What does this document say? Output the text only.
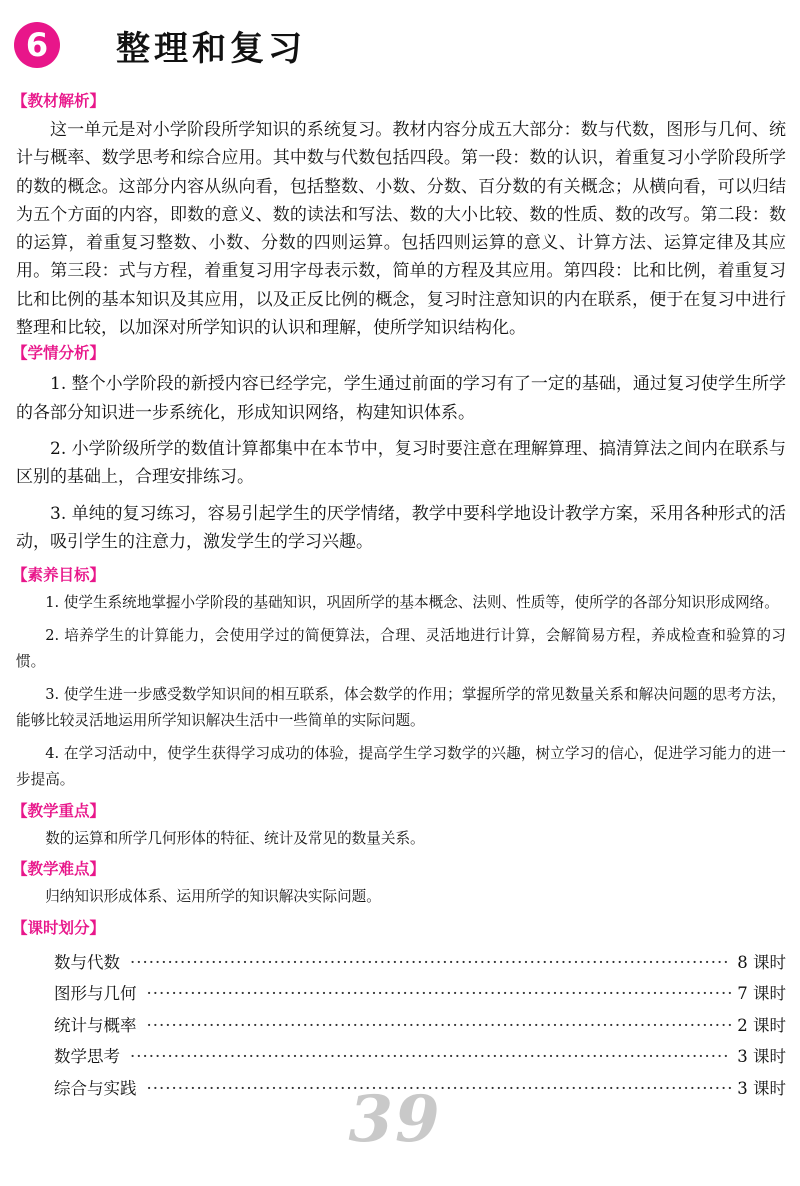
6	整理和复习
【教材解析】

这一单元是对小学阶段所学知识的系统复习。教材内容分成五大部分：数与代数，图形与几何、统计与概率、数学思考和综合应用。其中数与代数包括四段。第一段：数的认识，着重复习小学阶段所学的数的概念。这部分内容从纵向看，包括整数、小数、分数、百分数的有关概念；从横向看，可以归结为五个方面的内容，即数的意义、数的读法和写法、数的大小比较、数的性质、数的改写。第二段：数的运算，着重复习整数、小数、分数的四则运算。包括四则运算的意义、计算方法、运算定律及其应用。第三段：式与方程，着重复习用字母表示数，简单的方程及其应用。第四段：比和比例，着重复习比和比例的基本知识及其应用，以及正反比例的概念，复习时注意知识的内在联系，便于在复习中进行整理和比较，以加深对所学知识的认识和理解，使所学知识结构化。

【学情分析】

1. 整个小学阶段的新授内容已经学完，学生通过前面的学习有了一定的基础，通过复习使学生所学的各部分知识进一步系统化，形成知识网络，构建知识体系。

2. 小学阶级所学的数值计算都集中在本节中，复习时要注意在理解算理、搞清算法之间内在联系与区别的基础上，合理安排练习。

3. 单纯的复习练习，容易引起学生的厌学情绪，教学中要科学地设计教学方案，采用各种形式的活动，吸引学生的注意力，激发学生的学习兴趣。

【素养目标】

1. 使学生系统地掌握小学阶段的基础知识，巩固所学的基本概念、法则、性质等，使所学的各部分知识形成网络。

2. 培养学生的计算能力，会使用学过的简便算法，合理、灵活地进行计算，会解简易方程，养成检查和验算的习惯。

3. 使学生进一步感受数学知识间的相互联系，体会数学的作用；掌握所学的常见数量关系和解决问题的思考方法，能够比较灵活地运用所学知识解决生活中一些简单的实际问题。

4. 在学习活动中，使学生获得学习成功的体验，提高学生学习数学的兴趣，树立学习的信心，促进学习能力的进一步提高。

【教学重点】

数的运算和所学几何形体的特征、统计及常见的数量关系。

【教学难点】

归纳知识形成体系、运用所学的知识解决实际问题。

【课时划分】
数与代数 ·····	8 课时
图形与几何 ·····	7 课时
统计与概率 ·····	2 课时
数学思考 ·····	3 课时
综合与实践 ·····	3 课时
39
